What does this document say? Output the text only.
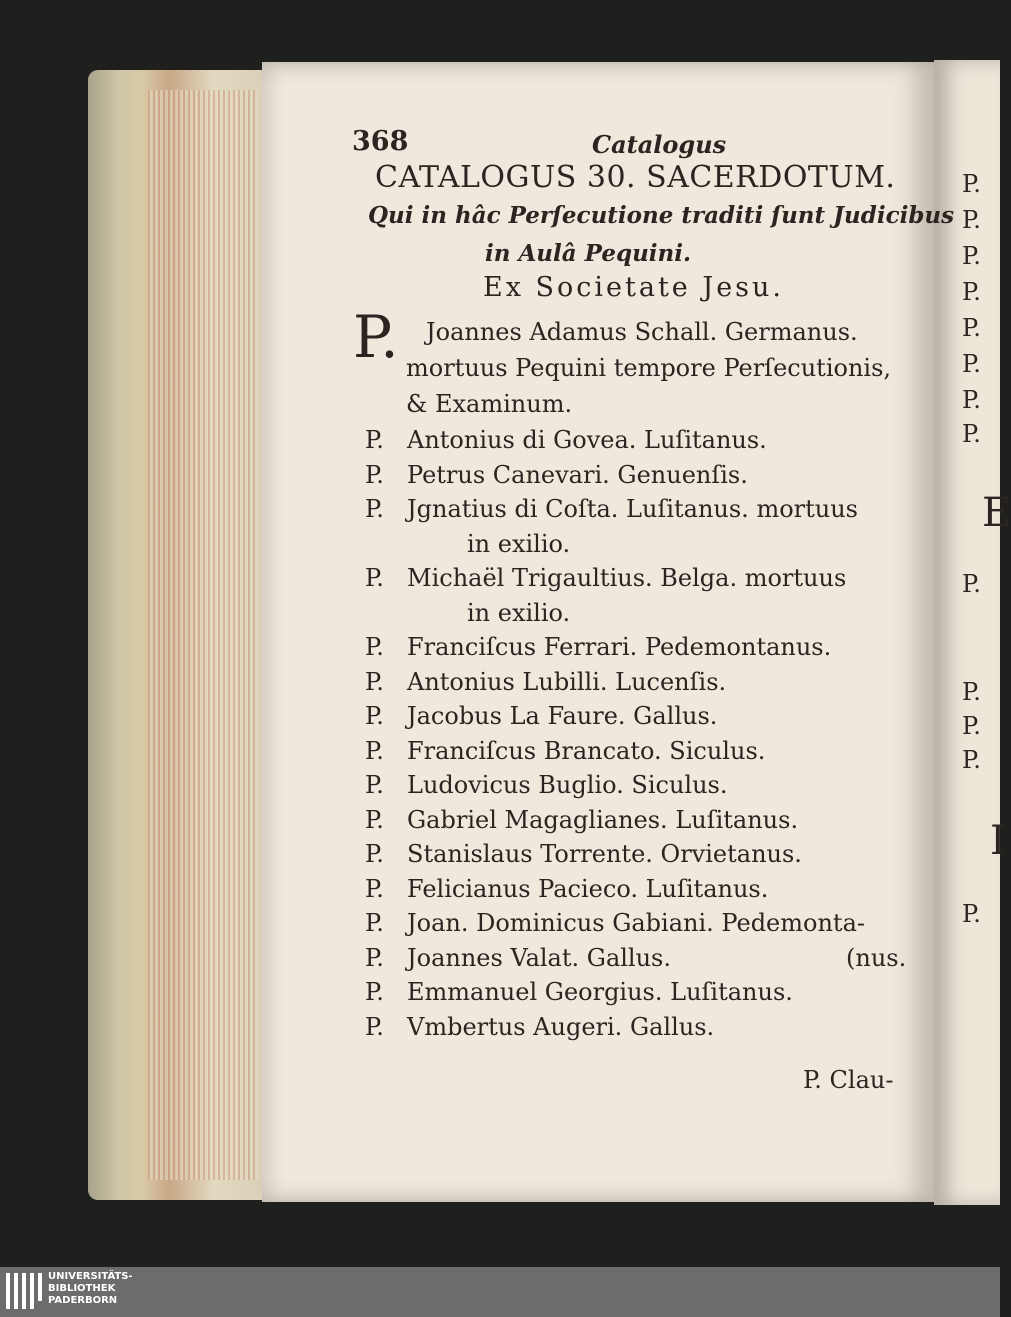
368	Catalogus
CATALOGUS 30. SACERDOTUM.
Qui in hâc Perſecutione traditi ſunt Judicibus
in Aulâ Pequini.
Ex Societate Jesu.
P. Joannes Adamus Schall. Germanus.
mortuus Pequini tempore Perſecutionis,
& Examinum.
P. Antonius di Govea. Luſitanus.
P. Petrus Canevari. Genuenſis.
P. Jgnatius di Coſta. Luſitanus. mortuus
in exilio.
P. Michaël Trigaultius. Belga. mortuus
in exilio.
P. Franciſcus Ferrari. Pedemontanus.
P. Antonius Lubilli. Lucenſis.
P. Jacobus La Faure. Gallus.
P. Franciſcus Brancato. Siculus.
P. Ludovicus Buglio. Siculus.
P. Gabriel Magaglianes. Luſitanus.
P. Stanislaus Torrente. Orvietanus.
P. Felicianus Pacieco. Luſitanus.
P. Joan. Dominicus Gabiani. Pedemonta-
P. Joannes Valat. Gallus.	(nus.
P. Emmanuel Georgius. Luſitanus.
P. Vmbertus Augeri. Gallus.
P. Clau-
P.
P.
P.
P.
P.
P.
P.
P.
E
P.
P.
P.
P.
I
P.
UNIVERSITÄTS-
BIBLIOTHEK
PADERBORN
